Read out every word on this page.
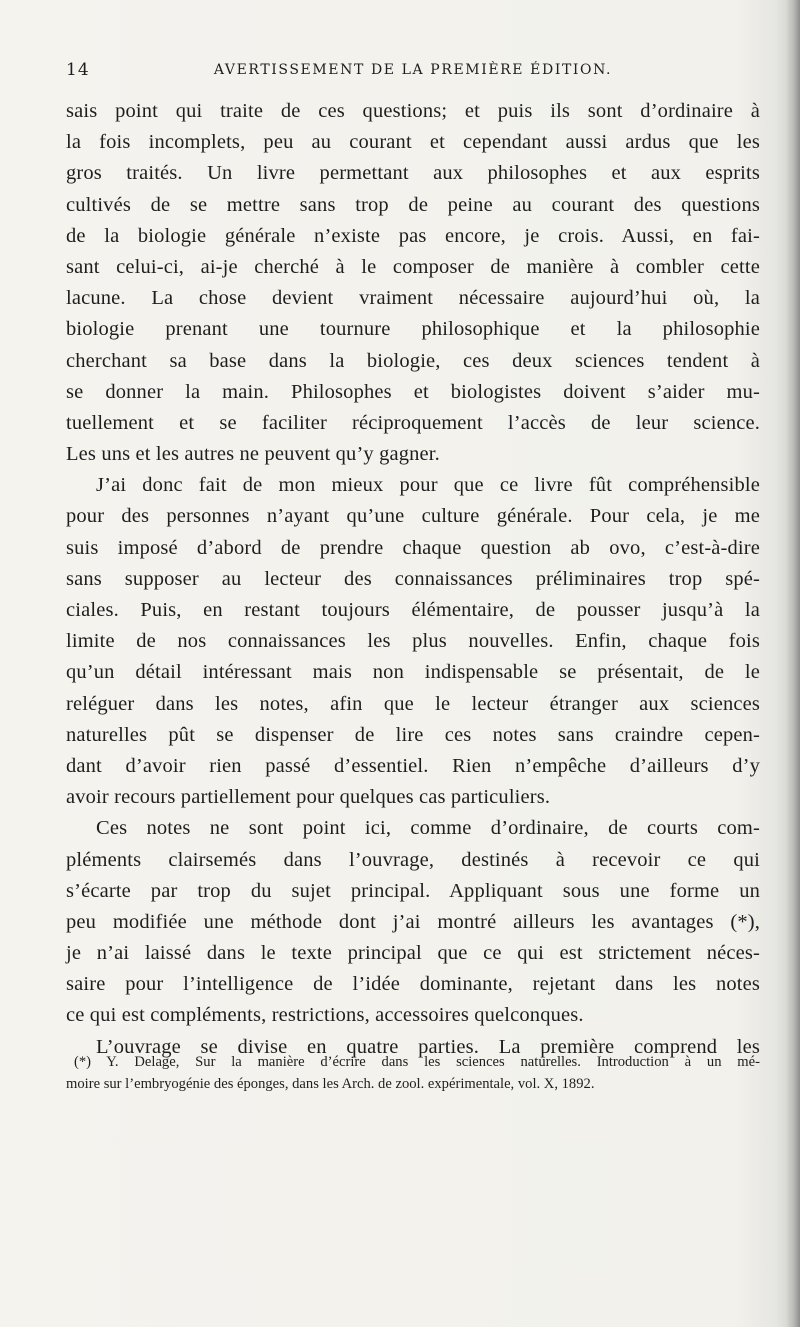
14	AVERTISSEMENT DE LA PREMIÈRE ÉDITION.
sais point qui traite de ces questions; et puis ils sont d’ordinaire à
la fois incomplets, peu au courant et cependant aussi ardus que les
gros traités. Un livre permettant aux philosophes et aux esprits
cultivés de se mettre sans trop de peine au courant des questions
de la biologie générale n’existe pas encore, je crois. Aussi, en fai-
sant celui-ci, ai-je cherché à le composer de manière à combler cette
lacune. La chose devient vraiment nécessaire aujourd’hui où, la
biologie prenant une tournure philosophique et la philosophie
cherchant sa base dans la biologie, ces deux sciences tendent à
se donner la main. Philosophes et biologistes doivent s’aider mu-
tuellement et se faciliter réciproquement l’accès de leur science.
Les uns et les autres ne peuvent qu’y gagner.
J’ai donc fait de mon mieux pour que ce livre fût compréhensible
pour des personnes n’ayant qu’une culture générale. Pour cela, je me
suis imposé d’abord de prendre chaque question ab ovo, c’est-à-dire
sans supposer au lecteur des connaissances préliminaires trop spé-
ciales. Puis, en restant toujours élémentaire, de pousser jusqu’à la
limite de nos connaissances les plus nouvelles. Enfin, chaque fois
qu’un détail intéressant mais non indispensable se présentait, de le
reléguer dans les notes, afin que le lecteur étranger aux sciences
naturelles pût se dispenser de lire ces notes sans craindre cepen-
dant d’avoir rien passé d’essentiel. Rien n’empêche d’ailleurs d’y
avoir recours partiellement pour quelques cas particuliers.
Ces notes ne sont point ici, comme d’ordinaire, de courts com-
pléments clairsemés dans l’ouvrage, destinés à recevoir ce qui
s’écarte par trop du sujet principal. Appliquant sous une forme un
peu modifiée une méthode dont j’ai montré ailleurs les avantages (*),
je n’ai laissé dans le texte principal que ce qui est strictement néces-
saire pour l’intelligence de l’idée dominante, rejetant dans les notes
ce qui est compléments, restrictions, accessoires quelconques.
L’ouvrage se divise en quatre parties. La première comprend les
(*) Y. Delage, Sur la manière d’écrire dans les sciences naturelles. Introduction à un mé-
moire sur l’embryogénie des éponges, dans les Arch. de zool. expérimentale, vol. X, 1892.
